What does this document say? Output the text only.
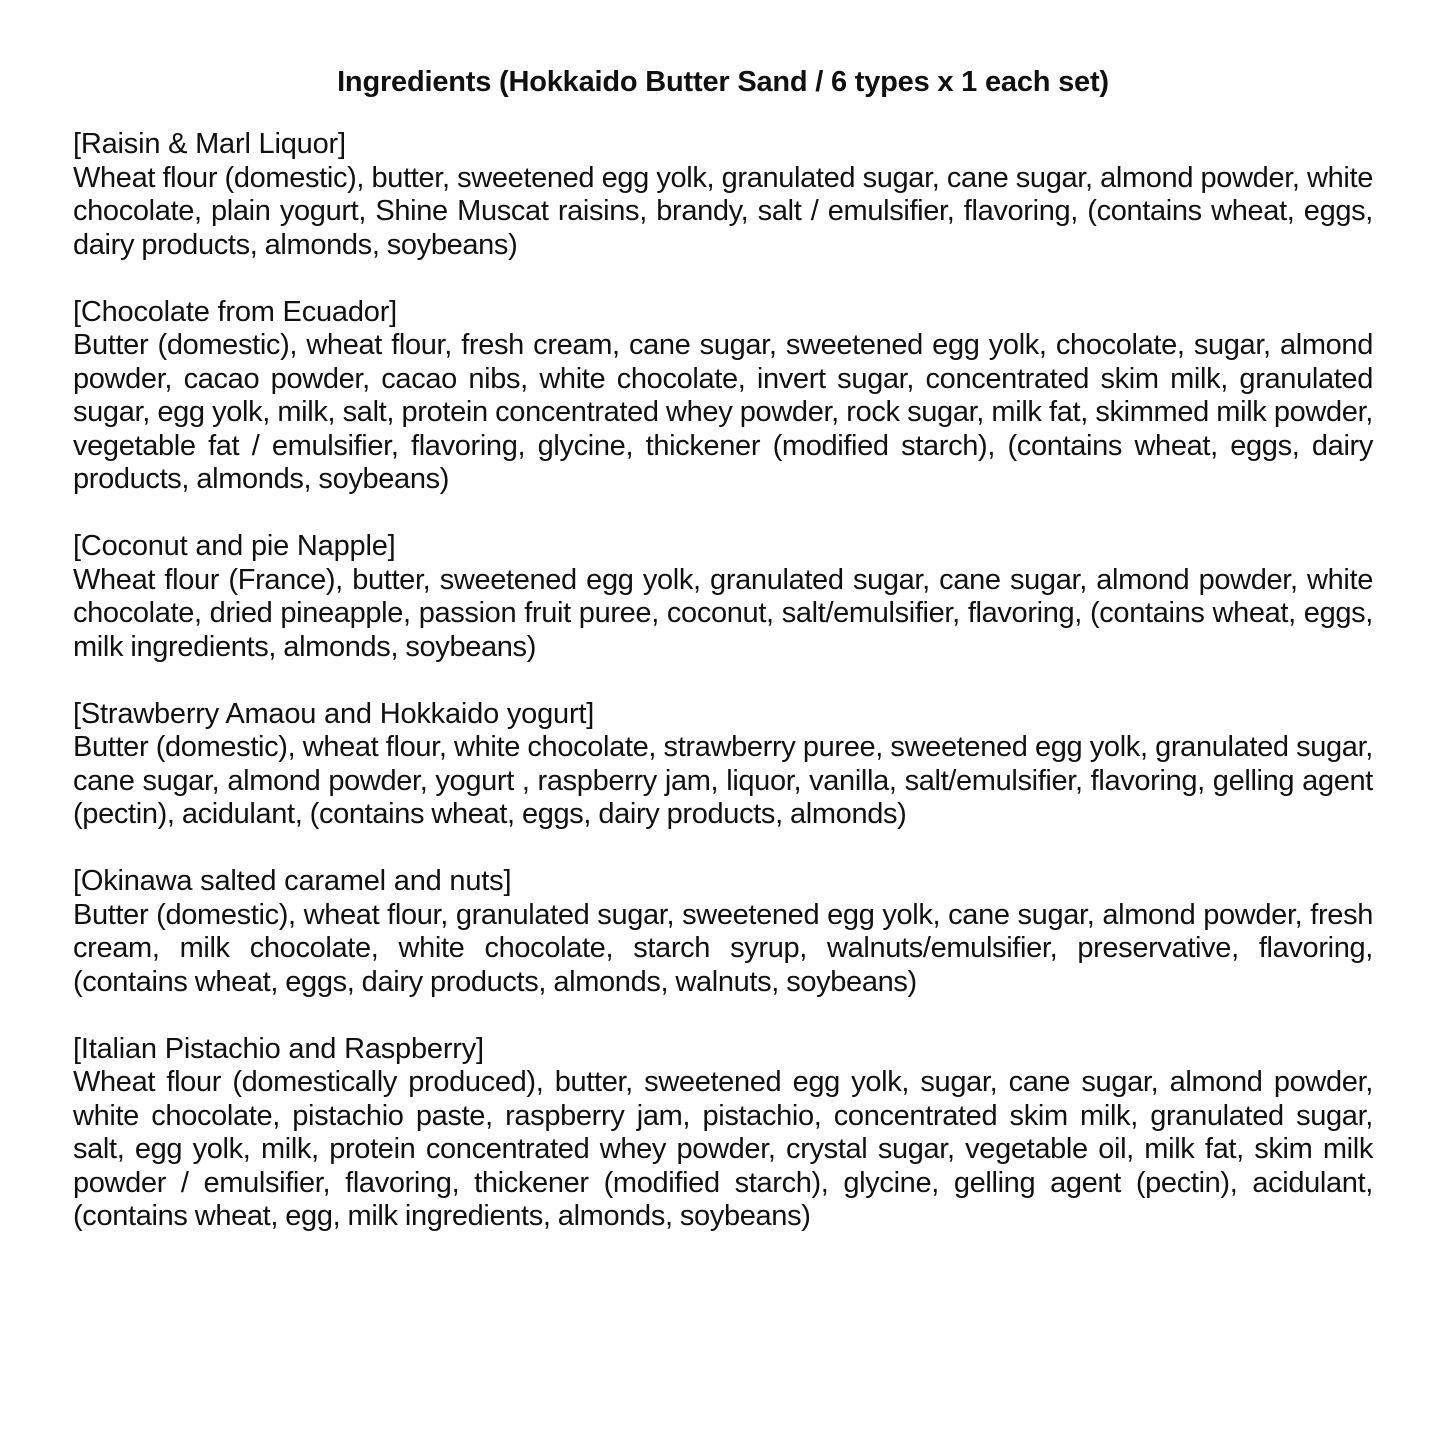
Ingredients (Hokkaido Butter Sand / 6 types x 1 each set)

[Raisin & Marl Liquor]

Wheat flour (domestic), butter, sweetened egg yolk, granulated sugar, cane sugar, almond powder, white chocolate, plain yogurt, Shine Muscat raisins, brandy, salt / emulsifier, flavoring, (contains wheat, eggs, dairy products, almonds, soybeans)

[Chocolate from Ecuador]

Butter (domestic), wheat flour, fresh cream, cane sugar, sweetened egg yolk, chocolate, sugar, almond powder, cacao powder, cacao nibs, white chocolate, invert sugar, concentrated skim milk, granulated sugar, egg yolk, milk, salt, protein concentrated whey powder, rock sugar, milk fat, skimmed milk powder, vegetable fat / emulsifier, flavoring, glycine, thickener (modified starch), (contains wheat, eggs, dairy products, almonds, soybeans)

[Coconut and pie Napple]

Wheat flour (France), butter, sweetened egg yolk, granulated sugar, cane sugar, almond powder, white chocolate, dried pineapple, passion fruit puree, coconut, salt/emulsifier, flavoring, (contains wheat, eggs, milk ingredients, almonds, soybeans)

[Strawberry Amaou and Hokkaido yogurt]

Butter (domestic), wheat flour, white chocolate, strawberry puree, sweetened egg yolk, granulated sugar, cane sugar, almond powder, yogurt , raspberry jam, liquor, vanilla, salt/emulsifier, flavoring, gelling agent (pectin), acidulant, (contains wheat, eggs, dairy products, almonds)

[Okinawa salted caramel and nuts]

Butter (domestic), wheat flour, granulated sugar, sweetened egg yolk, cane sugar, almond powder, fresh cream, milk chocolate, white chocolate, starch syrup, walnuts/emulsifier, preservative, flavoring, (contains wheat, eggs, dairy products, almonds, walnuts, soybeans)

[Italian Pistachio and Raspberry]

Wheat flour (domestically produced), butter, sweetened egg yolk, sugar, cane sugar, almond powder, white chocolate, pistachio paste, raspberry jam, pistachio, concentrated skim milk, granulated sugar, salt, egg yolk, milk, protein concentrated whey powder, crystal sugar, vegetable oil, milk fat, skim milk powder / emulsifier, flavoring, thickener (modified starch), glycine, gelling agent (pectin), acidulant, (contains wheat, egg, milk ingredients, almonds, soybeans)
